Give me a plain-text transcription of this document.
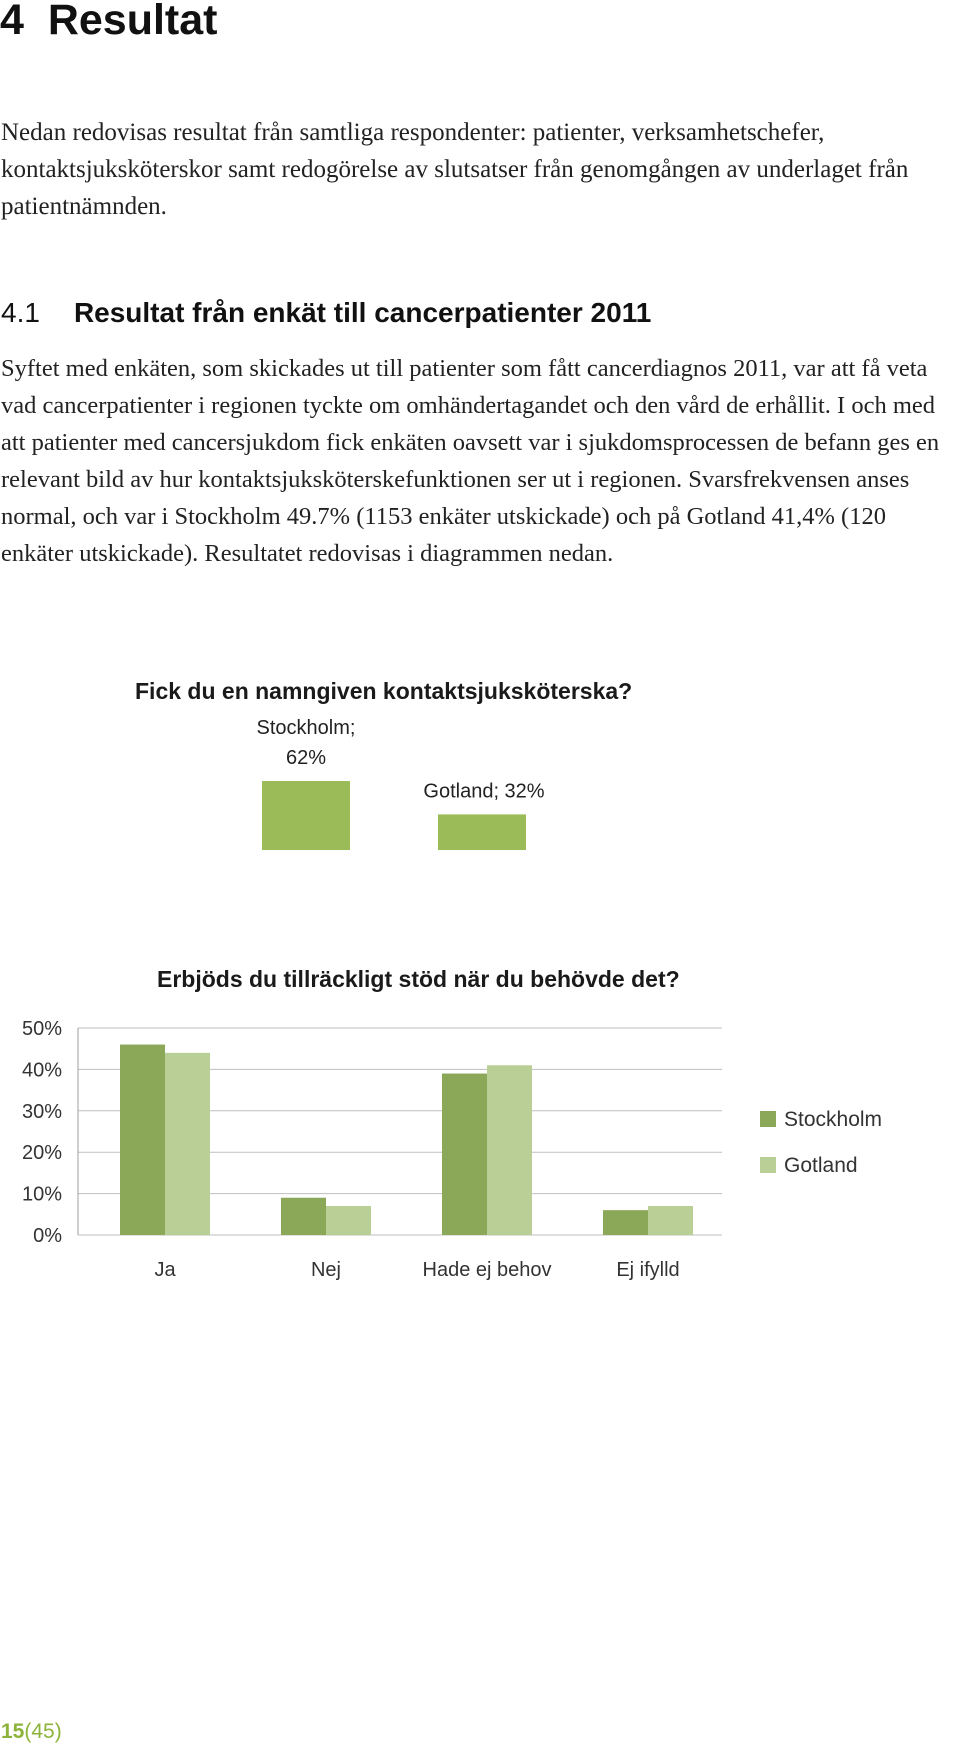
4 Resultat

Nedan redovisas resultat från samtliga respondenter: patienter, verksamhetschefer, kontaktsjuksköterskor samt redogörelse av slutsatser från genomgången av underlaget från patientnämnden.

4.1 Resultat från enkät till cancerpatienter 2011

Syftet med enkäten, som skickades ut till patienter som fått cancerdiagnos 2011, var att få veta vad cancerpatienter i regionen tyckte om omhändertagandet och den vård de erhållit. I och med att patienter med cancersjukdom fick enkäten oavsett var i sjukdomsprocessen de befann ges en relevant bild av hur kontaktsjuksköterskefunktionen ser ut i regionen. Svarsfrekvensen anses normal, och var i Stockholm 49.7% (1153 enkäter utskickade) och på Gotland 41,4% (120 enkäter utskickade). Resultatet redovisas i diagrammen nedan.

Fick du en namngiven kontaktsjuksköterska?
Stockholm;
62%
Gotland; 32%
Erbjöds du tillräckligt stöd när du behövde det?
0%
10%
20%
30%
40%
50%
Ja	Nej	Hade ej behov	Ej ifylld
Stockholm
Gotland
15(45)
